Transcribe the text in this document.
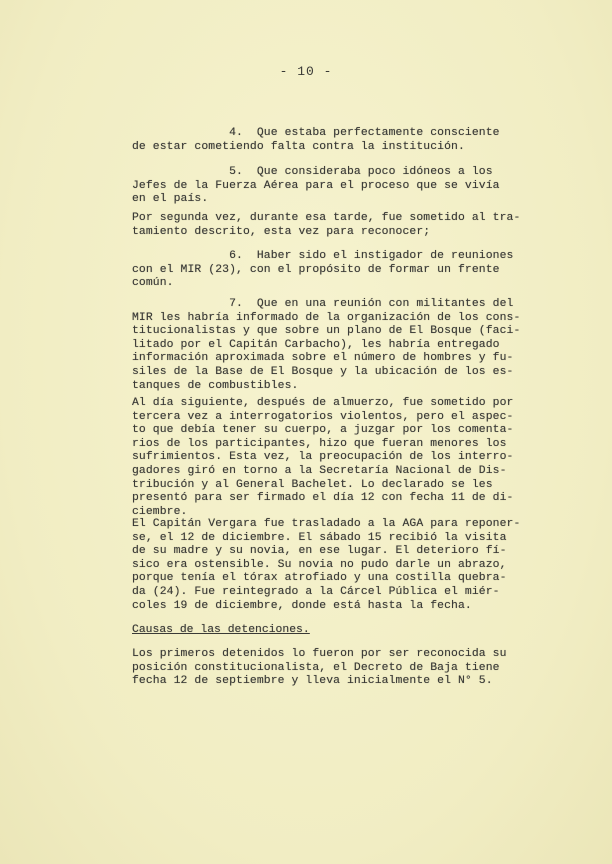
- 10 -

4.  Que estaba perfectamente consciente
de estar cometiendo falta contra la institución.

5.  Que consideraba poco idóneos a los
Jefes de la Fuerza Aérea para el proceso que se vivía
en el país.

Por segunda vez, durante esa tarde, fue sometido al tra-
tamiento descrito, esta vez para reconocer;

6.  Haber sido el instigador de reuniones
con el MIR (23), con el propósito de formar un frente
común.

7.  Que en una reunión con militantes del
MIR les habría informado de la organización de los cons-
titucionalistas y que sobre un plano de El Bosque (faci-
litado por el Capitán Carbacho), les habría entregado
información aproximada sobre el número de hombres y fu-
siles de la Base de El Bosque y la ubicación de los es-
tanques de combustibles.

Al día siguiente, después de almuerzo, fue sometido por
tercera vez a interrogatorios violentos, pero el aspec-
to que debía tener su cuerpo, a juzgar por los comenta-
rios de los participantes, hizo que fueran menores los
sufrimientos. Esta vez, la preocupación de los interro-
gadores giró en torno a la Secretaría Nacional de Dis-
tribución y al General Bachelet. Lo declarado se les
presentó para ser firmado el día 12 con fecha 11 de di-
ciembre.

El Capitán Vergara fue trasladado a la AGA para reponer-
se, el 12 de diciembre. El sábado 15 recibió la visita
de su madre y su novia, en ese lugar. El deterioro fí-
sico era ostensible. Su novia no pudo darle un abrazo,
porque tenía el tórax atrofiado y una costilla quebra-
da (24). Fue reintegrado a la Cárcel Pública el miér-
coles 19 de diciembre, donde está hasta la fecha.

Causas de las detenciones.

Los primeros detenidos lo fueron por ser reconocida su
posición constitucionalista, el Decreto de Baja tiene
fecha 12 de septiembre y lleva inicialmente el N° 5.
